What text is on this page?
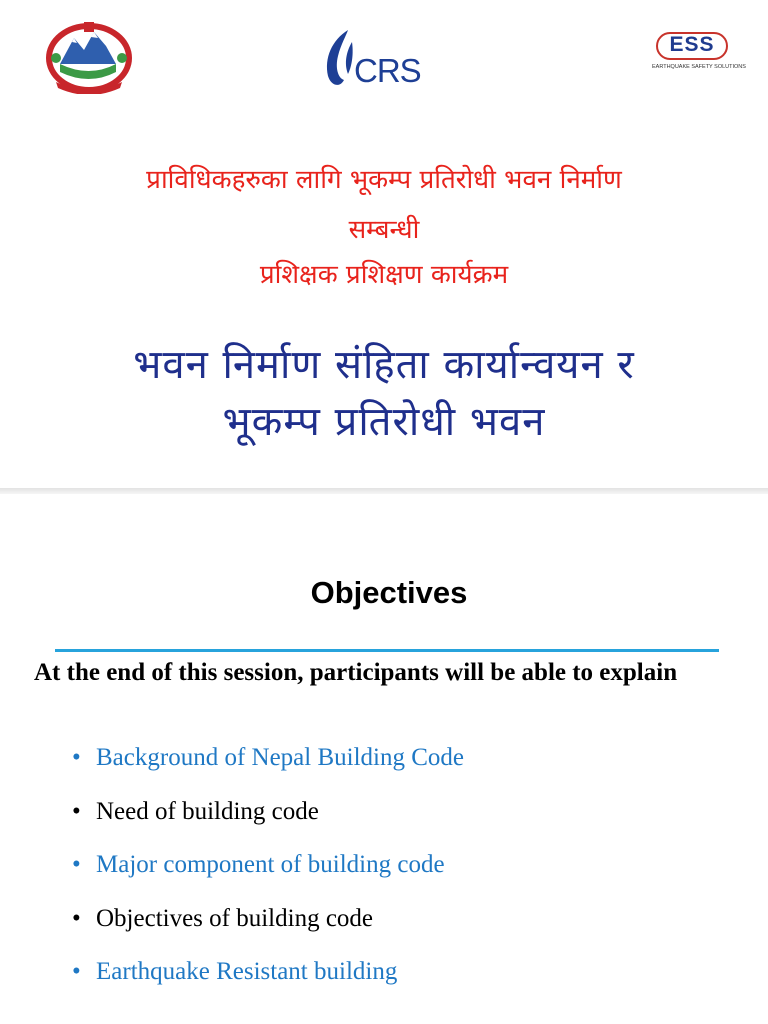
CRS
ESS
EARTHQUAKE SAFETY SOLUTIONS
प्राविधिकहरुका लागि भूकम्प प्रतिरोधी भवन निर्माण
सम्बन्धी
प्रशिक्षक प्रशिक्षण कार्यक्रम
भवन निर्माण संहिता कार्यान्वयन र
भूकम्प प्रतिरोधी भवन
Objectives
At the end of this session, participants will be able to explain
• Background of Nepal Building Code
• Need of building code
• Major component of building code
• Objectives of building code
• Earthquake Resistant building
